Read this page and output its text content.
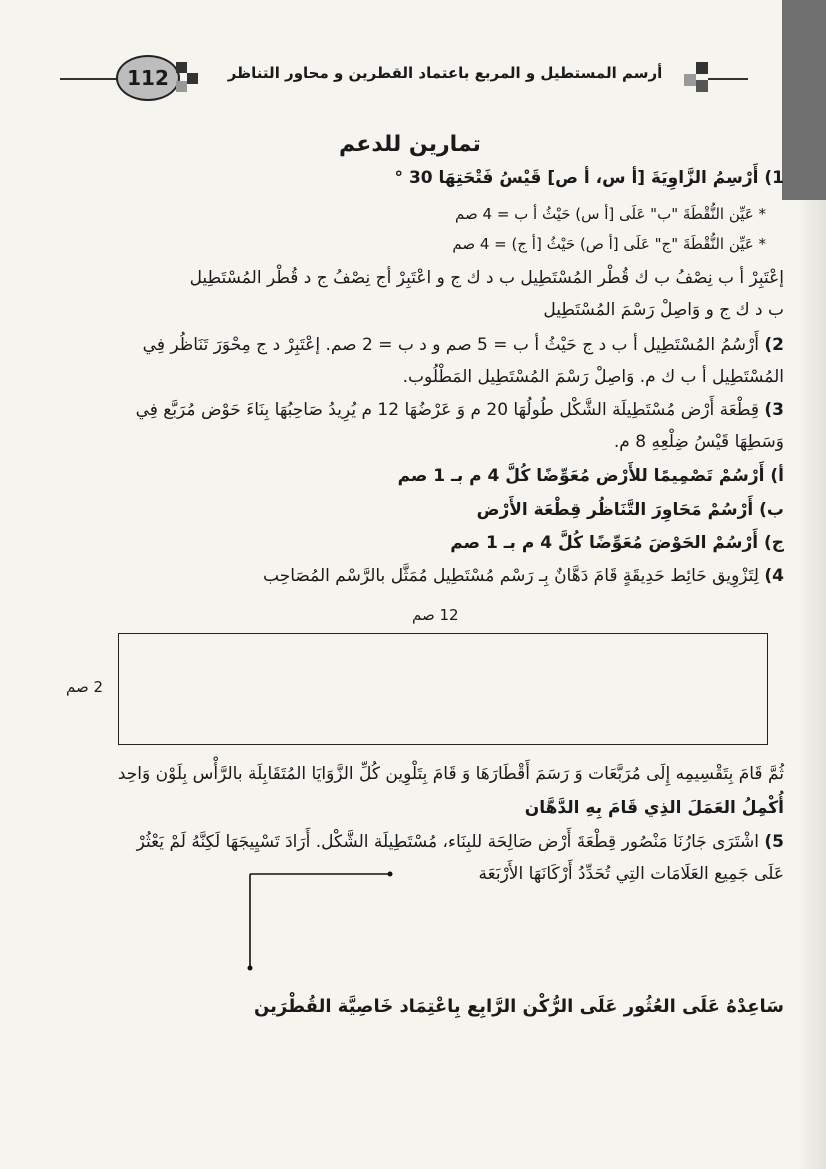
112	أرسم المستطيل و المربع باعتماد القطرين و محاور التناظر
تمارين للدعم
1) أَرْسِمُ الزَّاوِيَةَ [أ س، أ ص] قَيْسُ فَتْحَتِهَا 30 °
* عَيِّن النُّقْطَةَ "ب" عَلَى [أ س) حَيْثُ أ ب = 4 صم
* عَيِّن النُّقْطَةَ "ج" عَلَى [أ ص) حَيْثُ [أ ج) = 4 صم
إعْتَبِرْ أ ب نِصْفُ ب ك قُطْر المُسْتَطِيل ب د ك ج و اعْتَبِرْ أج نِصْفُ ج د قُطْر المُسْتَطِيل
ب د ك ج و وَاصِلْ رَسْمَ المُسْتَطِيل
2) أَرْسُمُ المُسْتَطِيل أ ب د ج حَيْثُ أ ب = 5 صم و د ب = 2 صم. إعْتَبِرْ د ج مِحْوَرَ تَنَاظُر فِي
المُسْتَطِيل أ ب ك م. وَاصِلْ رَسْمَ المُسْتَطِيل المَطْلُوب.
3) قِطْعَة أَرْض مُسْتَطِيلَة الشَّكْل طُولُهَا 20 م وَ عَرْضُهَا 12 م يُرِيدُ صَاحِبُهَا بِنَاءَ حَوْض مُرَبَّع فِي
وَسَطِهَا قَيْسُ ضِلْعِهِ 8 م.
أ) أَرْسُمْ تَصْمِيمًا للأَرْض مُعَوِّضًا كُلَّ 4 م بـ 1 صم
ب) أَرْسُمْ مَحَاوِرَ التَّنَاظُر قِطْعَة الأَرْض
ج) أَرْسُمْ الحَوْضَ مُعَوِّضًا كُلَّ 4 م بـ 1 صم
4) لِتَزْوِيق حَائِط حَدِيقَةٍ قَامَ دَهَّانٌ بِـ رَسْم مُسْتَطِيل مُمَثَّل بالرَّسْم المُصَاحِب
12 صم
2 صم
ثُمَّ قَامَ بِتَقْسِيمِه إِلَى مُرَبَّعَات وَ رَسَمَ أَقْطَارَهَا وَ قَامَ بِتَلْوِين كُلِّ الزَّوَايَا المُتَقَابِلَة بالرَّأْس بِلَوْن وَاحِد
أُكْمِلُ العَمَلَ الذِي قَامَ بِهِ الدَّهَّان
5) اشْتَرَى جَارُنَا مَنْصُور قِطْعَةَ أَرْض صَالِحَة للبِنَاء، مُسْتَطِيلَة الشَّكْل. أَرَادَ تَسْيِيجَهَا لَكِنَّهُ لَمْ يَعْثُرْ
عَلَى جَمِيع العَلَامَات التِي تُحَدِّدُ أَرْكَانَهَا الأَرْبَعَة
سَاعِدْهُ عَلَى العُثُور عَلَى الرُّكْن الرَّابِع بِاعْتِمَاد خَاصِيَّة القُطْرَين
